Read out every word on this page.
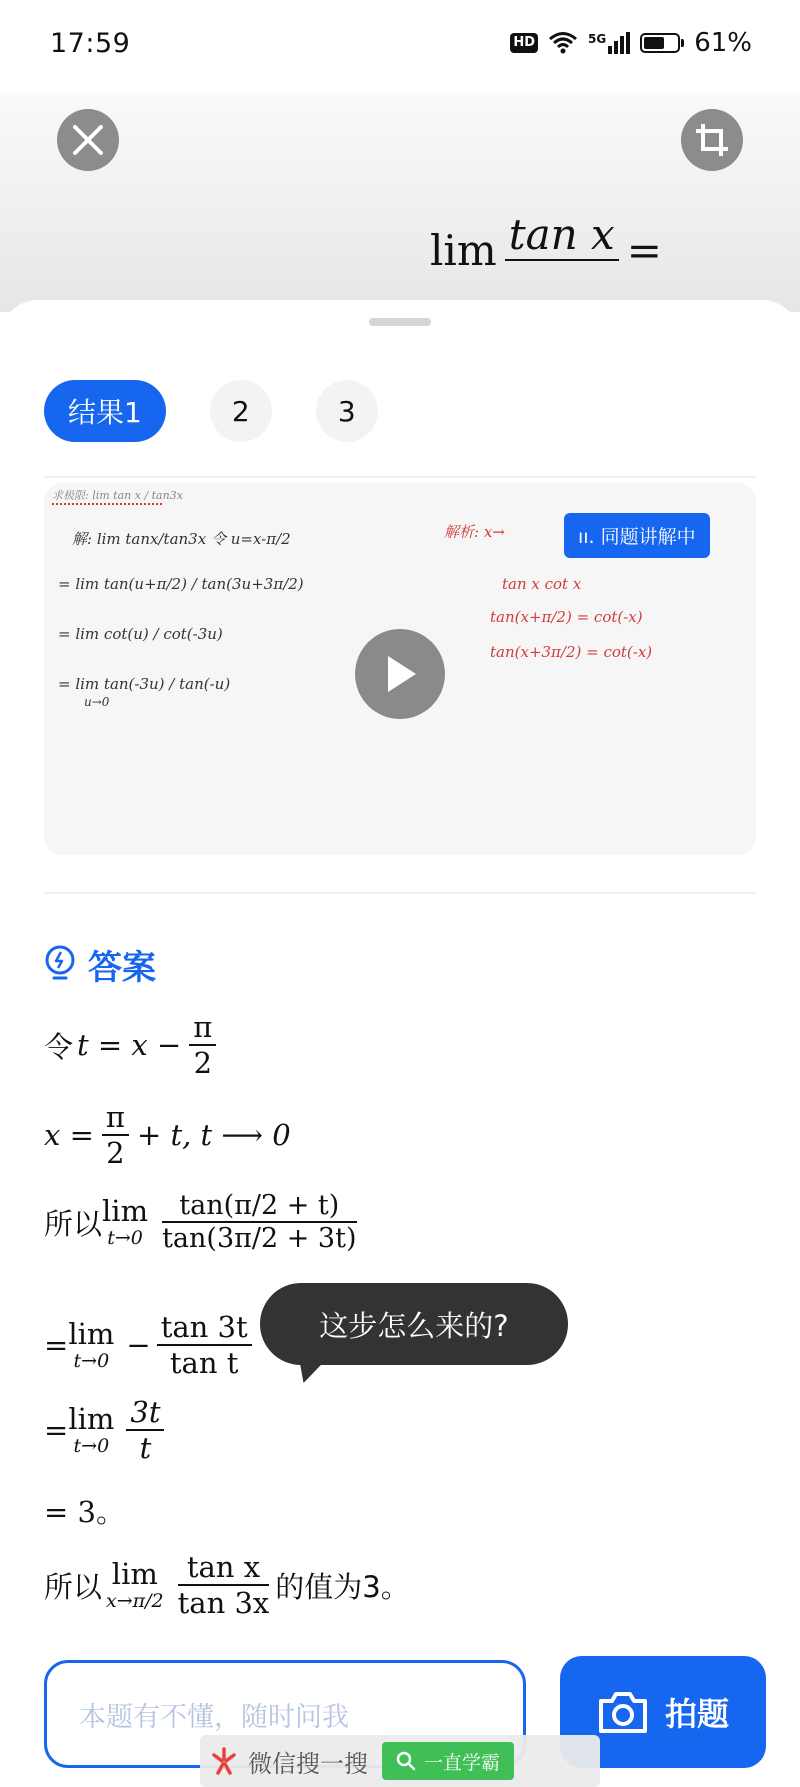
17:59	HD	5G	61%
lim tan x =
结果1	2	3
求极限: lim tan x / tan3x
解: lim tanx/tan3x 令 u=x-π/2
= lim tan(u+π/2) / tan(3u+3π/2)
= lim cot(u) / cot(-3u)
= lim tan(-3u) / tan(-u)
u→0
解析: x→	ıı. 同题讲解中
tan x cot x
tan(x+π/2) = cot(-x)
tan(x+3π/2) = cot(-x)
答案
令 $t = x - \frac{\pi}{2}$
$x = \frac{\pi}{2} + t$, t ⟶ 0
所以 lim
$t\to 0 \frac{\tan(\pi/2 + t)}{\tan(3\pi/2 + 3t)}$
= lim
$t\to 0 - \frac{\tan 3t}{\text{tan t}}$
= lim
$t\to 0 \frac{3t}{t}$
= 3。
所以 lim
$x\to\pi/2 \frac{\text{tan x}}{\tan 3x}$ 的值为3。
这步怎么来的?
本题有不懂，随时问我	拍题
微信搜一搜	一直学霸
